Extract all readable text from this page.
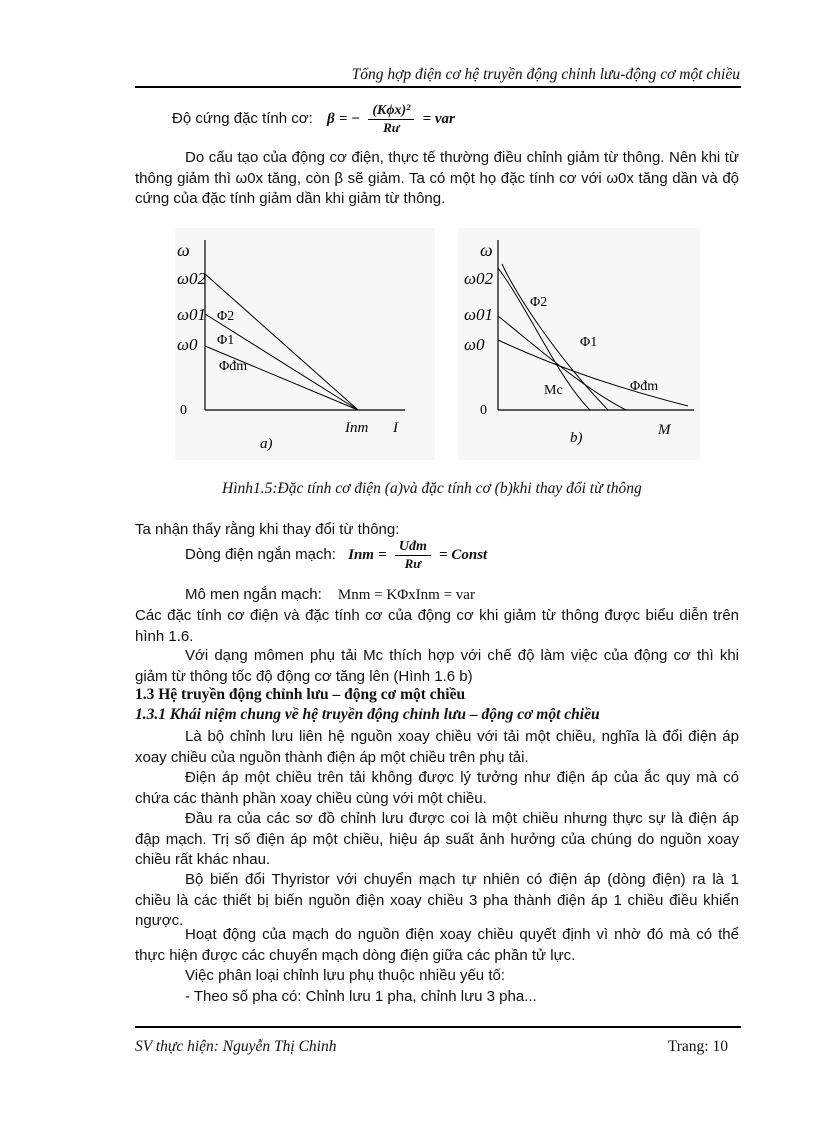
Tổng hợp điện cơ hệ truyền động chỉnh lưu-động cơ một chiều
Độ cứng đặc tính cơ: β = − $\frac{\text{(Kϕx)²}}{Rư}$ = var
Do cấu tạo của động cơ điện, thực tế thường điều chỉnh giảm từ thông. Nên khi từ thông giảm thì ω0x tăng, còn β sẽ giảm. Ta có một họ đặc tính cơ với ω0x tăng dần và độ cứng của đặc tính giảm dần khi giảm từ thông.
ω
ω02
ω01
ω0
Φ2
Φ1
Φđm
0
Inm I
a)
ω
ω02
ω01
ω0
Φ2
Φ1
Φđm
Mc
0
M
b)
Hình1.5:Đặc tính cơ điện (a)và đặc tính cơ (b)khi thay đổi từ thông
Ta nhận thấy rằng khi thay đổi từ thông:
Dòng điện ngắn mạch: Inm = $\frac{\text{Uđm}}{Rư}$ = Const
Mô men ngắn mạch: Mnm = KΦxInm = var
Các đặc tính cơ điện và đặc tính cơ của động cơ khi giảm từ thông được biểu diễn trên hình 1.6.
Với dạng mômen phụ tải Mc thích hợp với chế độ làm việc của động cơ thì khi giảm từ thông tốc độ động cơ tăng lên (Hình 1.6 b)
1.3 Hệ truyền động chỉnh lưu – động cơ một chiều
1.3.1 Khái niệm chung về hệ truyền động chỉnh lưu – động cơ một chiều
Là bộ chỉnh lưu liên hệ nguồn xoay chiều với tải một chiều, nghĩa là đổi điện áp xoay chiều của nguồn thành điện áp một chiều trên phụ tải.
Điện áp một chiều trên tải không được lý tưởng như điện áp của ắc quy mà có chứa các thành phần xoay chiều cùng với một chiều.
Đầu ra của các sơ đồ chỉnh lưu được coi là một chiều nhưng thực sự là điện áp đập mạch. Trị số điện áp một chiều, hiệu áp suất ảnh hưởng của chúng do nguồn xoay chiều rất khác nhau.
Bộ biến đổi Thyristor với chuyển mạch tự nhiên có điện áp (dòng điện) ra là 1 chiều là các thiết bị biến nguồn điện xoay chiều 3 pha thành điện áp 1 chiều điều khiển ngược.
Hoạt động của mạch do nguồn điện xoay chiều quyết định vì nhờ đó mà có thể thực hiện được các chuyển mạch dòng điện giữa các phần tử lực.
Việc phân loại chỉnh lưu phụ thuộc nhiều yếu tố:
- Theo số pha có: Chỉnh lưu 1 pha, chỉnh lưu 3 pha...
SV thực hiện: Nguyễn Thị Chinh	Trang: 10
